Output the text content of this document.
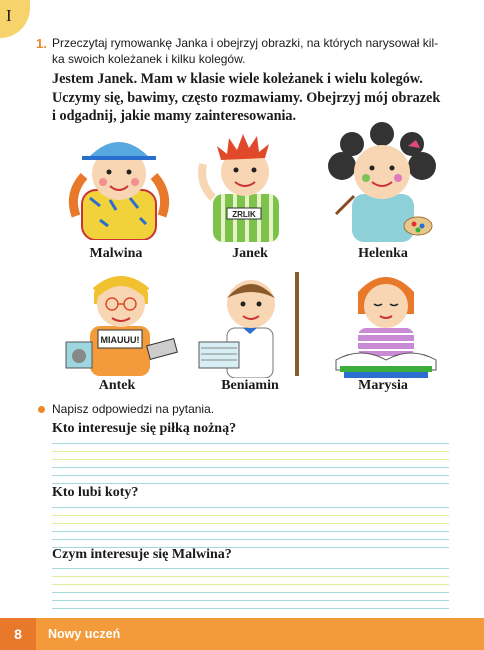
I
1. Przeczytaj rymowankę Janka i obejrzyj obrazki, na których narysował kil-
ka swoich koleżanek i kilku kolegów.
Jestem Janek. Mam w klasie wiele koleżanek i wielu kolegów.
Uczymy się, bawimy, często rozmawiamy. Obejrzyj mój obrazek
i odgadnij, jakie mamy zainteresowania.
Malwina
ZRLIK
Janek	Helenka
MIAUUU!
Antek	Beniamin	Marysia
Napisz odpowiedzi na pytania.
Kto interesuje się piłką nożną?
Kto lubi koty?
Czym interesuje się Malwina?
8	Nowy uczeń
